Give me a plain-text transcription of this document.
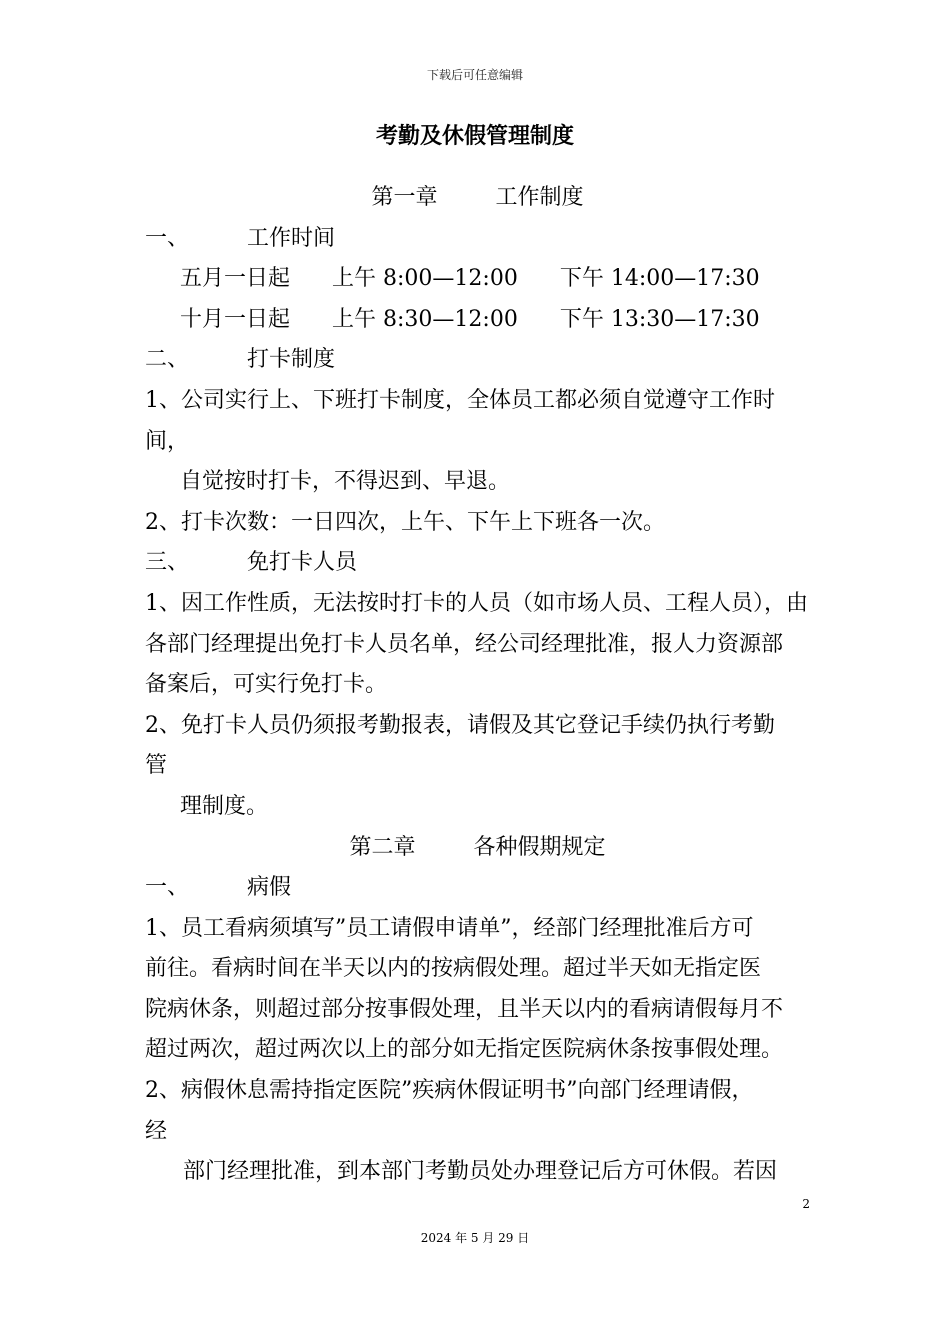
下载后可任意编辑
考勤及休假管理制度
第一章	工作制度
一、	工作时间
五月一日起 上午 8:00—12:00 下午 14:00—17:30
十月一日起 上午 8:30—12:00 下午 13:30—17:30
二、	打卡制度
1、公司实行上、下班打卡制度，全体员工都必须自觉遵守工作时
间，
自觉按时打卡，不得迟到、早退。
2、打卡次数：一日四次，上午、下午上下班各一次。
三、	免打卡人员
1、因工作性质，无法按时打卡的人员（如市场人员、工程人员），由
各部门经理提出免打卡人员名单，经公司经理批准，报人力资源部
备案后，可实行免打卡。
2、免打卡人员仍须报考勤报表，请假及其它登记手续仍执行考勤
管
理制度。
第二章	各种假期规定
一、	病假
1、员工看病须填写”员工请假申请单”，经部门经理批准后方可
前往。看病时间在半天以内的按病假处理。超过半天如无指定医
院病休条，则超过部分按事假处理，且半天以内的看病请假每月不
超过两次，超过两次以上的部分如无指定医院病休条按事假处理。
2、病假休息需持指定医院”疾病休假证明书”向部门经理请假，
经
部门经理批准，到本部门考勤员处办理登记后方可休假。若因
2
2024 年 5 月 29 日
